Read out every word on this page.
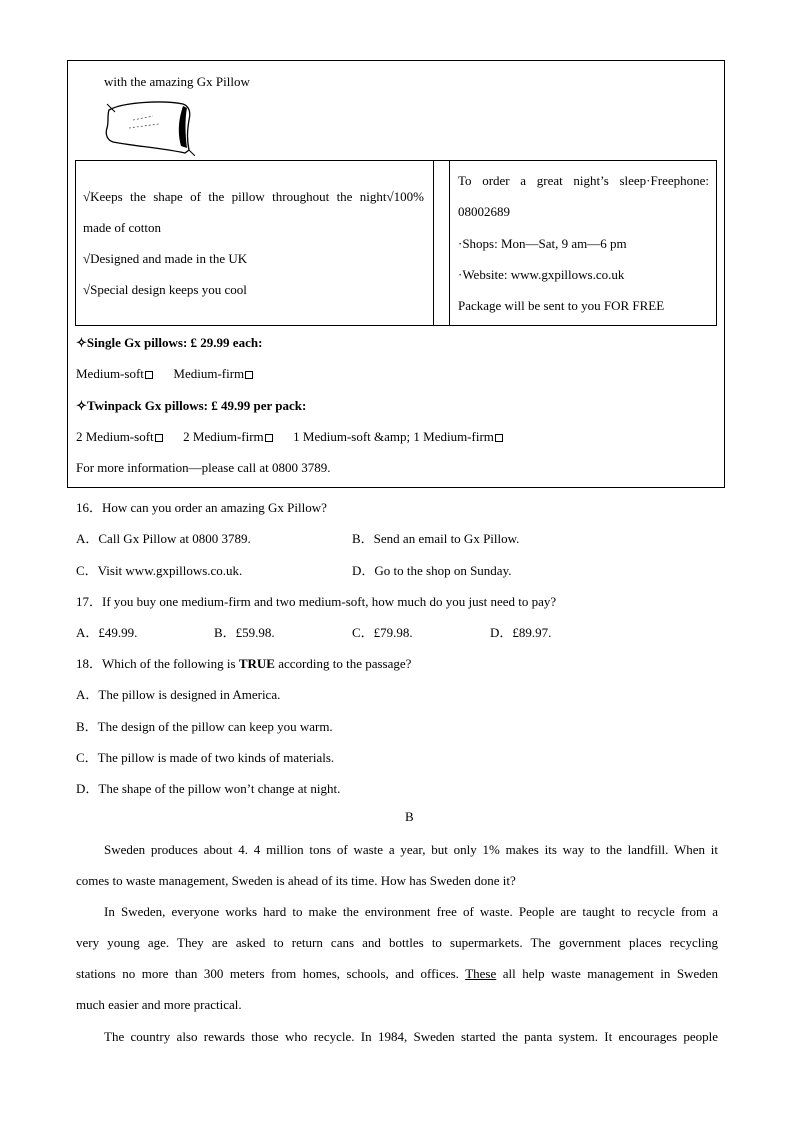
with the amazing Gx Pillow
√Keeps the shape of the pillow throughout the night√100%
made of cotton
√Designed and made in the UK
√Special design keeps you cool
To order a great night’s sleep·Freephone:
08002689
·Shops: Mon—Sat, 9 am—6 pm
·Website: www.gxpillows.co.uk
Package will be sent to you FOR FREE
✧Single Gx pillows: £ 29.99 each:
Medium-soft Medium-firm
✧Twinpack Gx pillows: £ 49.99 per pack:
2 Medium-soft 2 Medium-firm 1 Medium-soft &amp; 1 Medium-firm
For more information—please call at 0800 3789.
16．How can you order an amazing Gx Pillow?
A．Call Gx Pillow at 0800 3789.	B．Send an email to Gx Pillow.
C．Visit www.gxpillows.co.uk.	D．Go to the shop on Sunday.
17．If you buy one medium-firm and two medium-soft, how much do you just need to pay?
A．£49.99.	B．£59.98.	C．£79.98.	D．£89.97.
18．Which of the following is TRUE according to the passage?
A．The pillow is designed in America.
B．The design of the pillow can keep you warm.
C．The pillow is made of two kinds of materials.
D．The shape of the pillow won’t change at night.
B
Sweden produces about 4. 4 million tons of waste a year, but only 1% makes its way to the landfill. When it
comes to waste management, Sweden is ahead of its time. How has Sweden done it?
In Sweden, everyone works hard to make the environment free of waste. People are taught to recycle from a
very young age. They are asked to return cans and bottles to supermarkets. The government places recycling
stations no more than 300 meters from homes, schools, and offices. These all help waste management in Sweden
much easier and more practical.
The country also rewards those who recycle. In 1984, Sweden started the panta system. It encourages people
